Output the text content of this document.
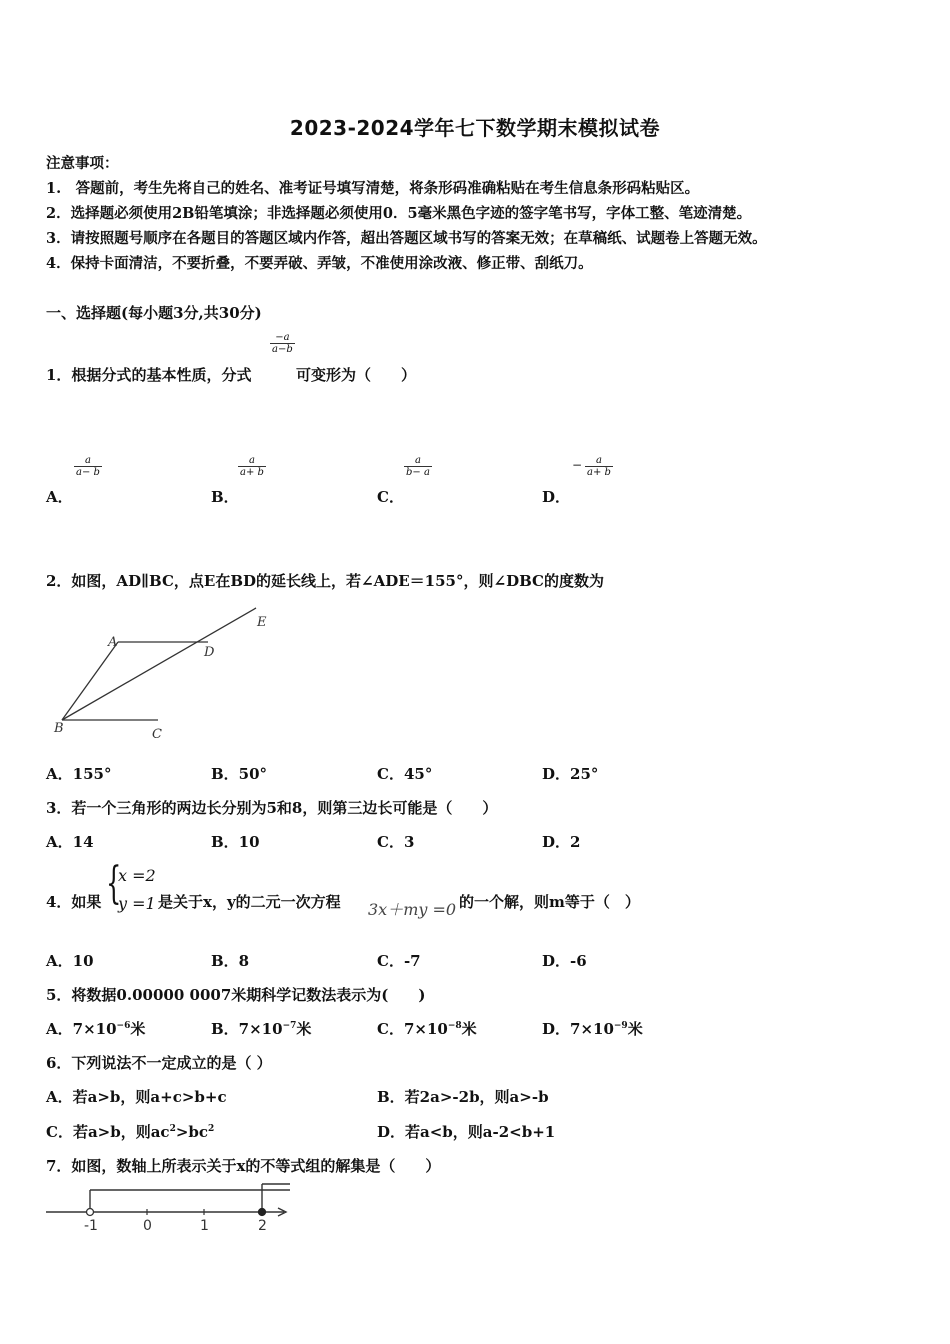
2023-2024学年七下数学期末模拟试卷
注意事项：
1.　答题前，考生先将自己的姓名、准考证号填写清楚，将条形码准确粘贴在考生信息条形码粘贴区。
2．选择题必须使用2B铅笔填涂；非选择题必须使用0．5毫米黑色字迹的签字笔书写，字体工整、笔迹清楚。
3．请按照题号顺序在各题目的答题区域内作答，超出答题区域书写的答案无效；在草稿纸、试题卷上答题无效。
4．保持卡面清洁，不要折叠，不要弄破、弄皱，不准使用涂改液、修正带、刮纸刀。
一、选择题(每小题3分,共30分)
1．根据分式的基本性质，分式
$\frac{-a}{a-b}$
可变形为（　　）
$\frac{a}{a- b}$
A．
$\frac{a}{a+ b}$
B．
$\frac{a}{b- a}$
C．
− $\frac{a}{a+ b}$
D．
2．如图，AD∥BC，点E在BD的延长线上，若∠ADE＝155°，则∠DBC的度数为
A
D
E
B	C
A．155°	B．50°	C．45°	D．25°
3．若一个三角形的两边长分别为5和8，则第三边长可能是（　　）
A．14	B．10	C．3	D．2
4．如果 {
x =2
y =1 是关于x，y的二元一次方程 3x＋my =0 的一个解，则m等于（　）
A．10	B．8	C．-7	D．-6
5．将数据0.00000 0007米期科学记数法表示为(　　)
A．$7\times 10^{-6}$米	B．$7\times 10^{-7}$米	C．$7\times 10^{-8}$米	D．$7\times 10^{-9}$米
6．下列说法不一定成立的是（ ）
A．若a>b，则a+c>b+c	B．若2a>-2b，则a>-b
C．若a>b，则$ac^2>bc^2$	D．若a<b，则a-2<b+1
7．如图，数轴上所表示关于x的不等式组的解集是（　　）
-1	0	1	2
